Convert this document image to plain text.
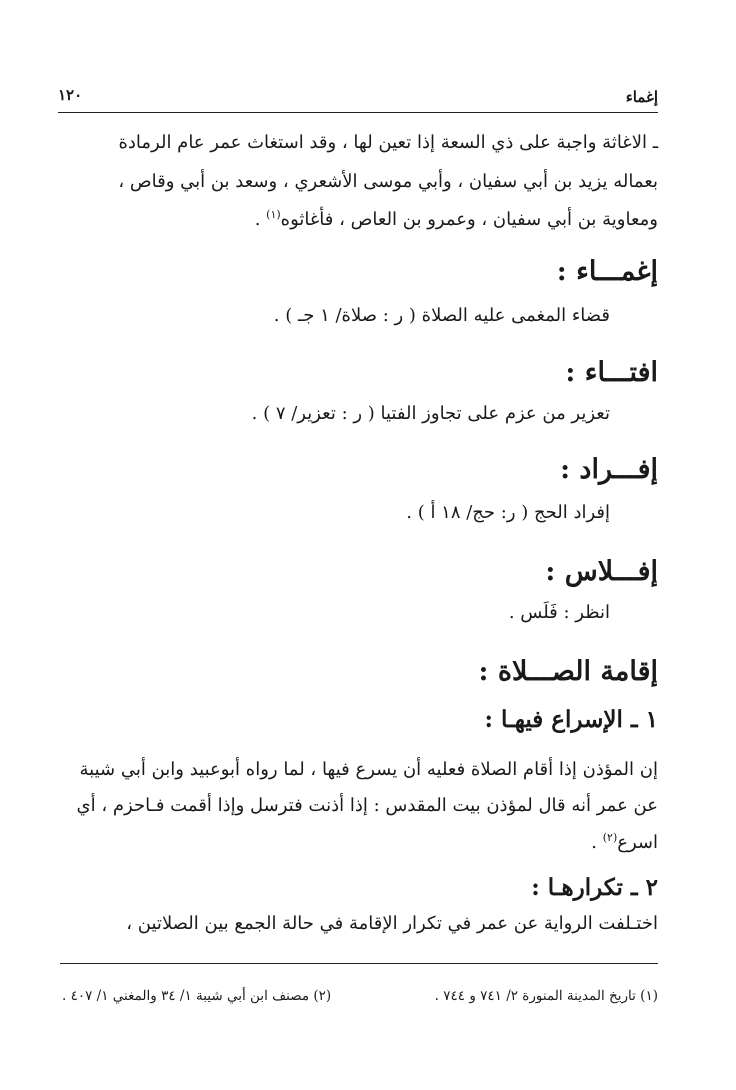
إغماء
١٢٠
ـ الاغاثة واجبة على ذي السعة إذا تعين لها ، وقد استغاث عمر عام الرمادة
بعماله يزيد بن أبي سفيان ، وأبي موسى الأشعري ، وسعد بن أبي وقاص ،
ومعاوية بن أبي سفيان ، وعمرو بن العاص ، فأغاثوه$^{(١)}$ .
إغمـــاء :
قضاء المغمى عليه الصلاة ( ر : صلاة/ ١ جـ ) .
افتـــاء :
تعزير من عزم على تجاوز الفتيا ( ر : تعزير/ ٧ ) .
إفـــراد :
إفراد الحج ( ر: حج/ ١٨ أ ) .
إفـــلاس :
انظر : فَلَس .
إقامة الصـــلاة :
١ ـ الإسراع فيهـا :
إن المؤذن إذا أقام الصلاة فعليه أن يسرع فيها ، لما رواه أبوعبيد وابن أبي شيبة
عن عمر أنه قال لمؤذن بيت المقدس : إذا أذنت فترسل وإذا أقمت فـاحزم ، أي
اسرع$^{(٢)}$ .
٢ ـ تكرارهـا :
اختـلفت الرواية عن عمر في تكرار الإقامة في حالة الجمع بين الصلاتين ،
(١) تاريخ المدينة المنورة ٢/ ٧٤١ و ٧٤٤ .
(٢) مصنف ابن أبي شيبة ١/ ٣٤ والمغني ١/ ٤٠٧ .
